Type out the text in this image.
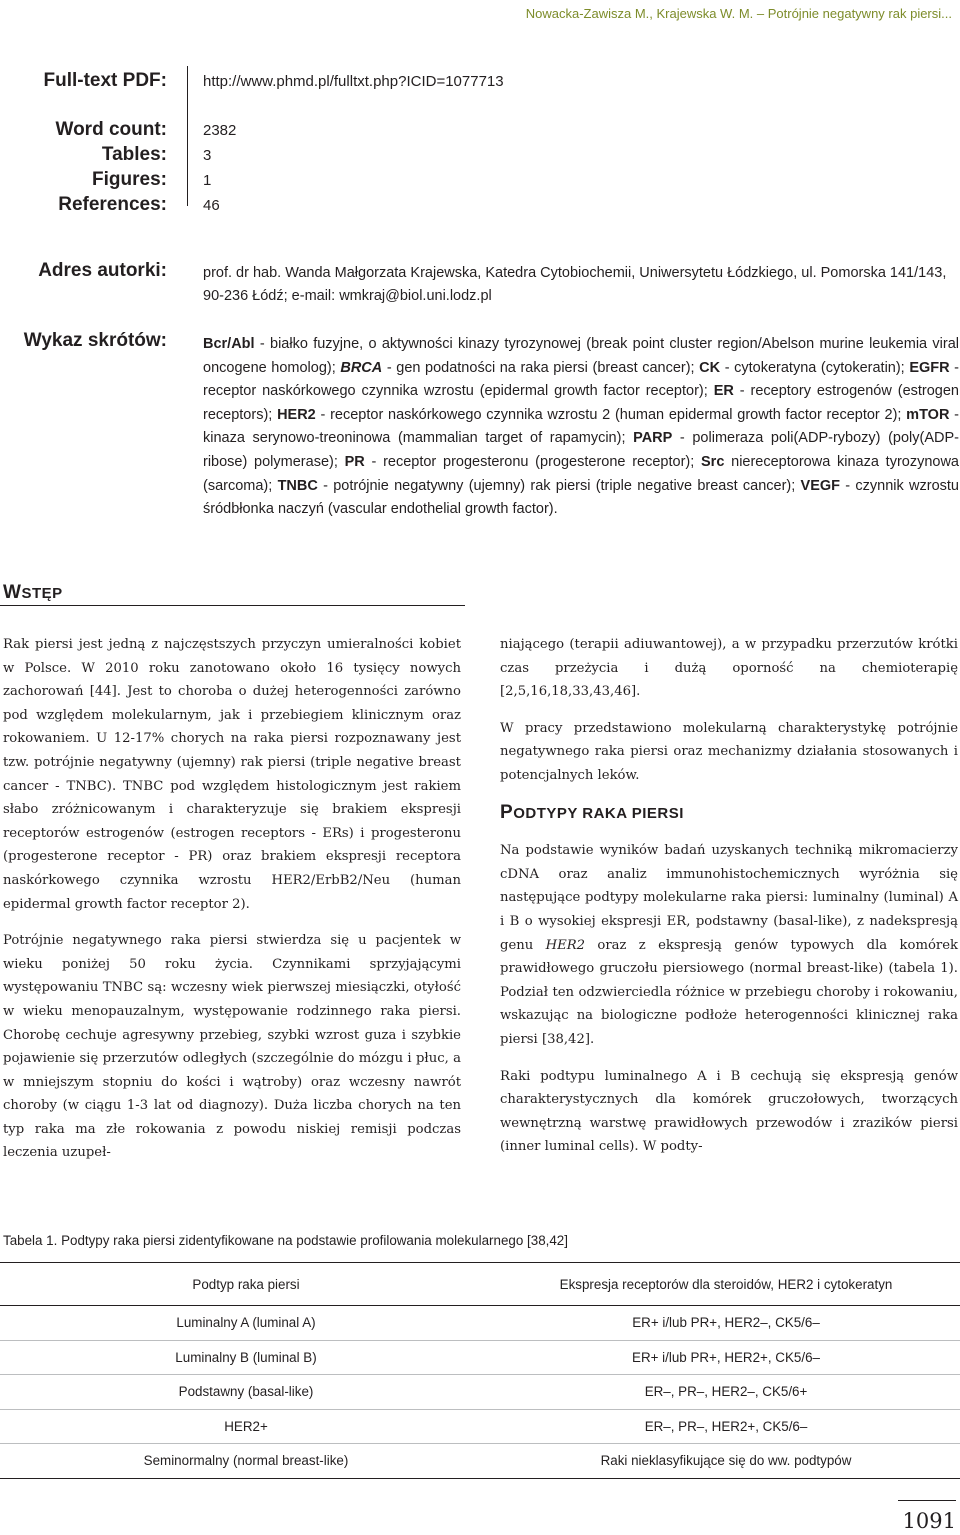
Nowacka-Zawisza M., Krajewska W. M. – Potrójnie negatywny rak piersi...
Full-text PDF: http://www.phmd.pl/fulltxt.php?ICID=1077713
Word count: 2382
Tables: 3
Figures: 1
References: 46
Adres autorki: prof. dr hab. Wanda Małgorzata Krajewska, Katedra Cytobiochemii, Uniwersytetu Łódzkiego, ul. Pomorska 141/143, 90-236 Łódź; e-mail: wmkraj@biol.uni.lodz.pl
Wykaz skrótów: Bcr/Abl - białko fuzyjne, o aktywności kinazy tyrozynowej (break point cluster region/Abelson murine leukemia viral oncogene homolog); BRCA - gen podatności na raka piersi (breast cancer); CK - cytokeratyna (cytokeratin); EGFR - receptor naskórkowego czynnika wzrostu (epidermal growth factor receptor); ER - receptory estrogenów (estrogen receptors); HER2 - receptor naskórkowego czynnika wzrostu 2 (human epidermal growth factor receptor 2); mTOR - kinaza serynowo-treoninowa (mammalian target of rapamycin); PARP - polimeraza poli(ADP-rybozy) (poly(ADP-ribose) polymerase); PR - receptor progesteronu (progesterone receptor); Src niereceptorowa kinaza tyrozynowa (sarcoma); TNBC - potrójnie negatywny (ujemny) rak piersi (triple negative breast cancer); VEGF - czynnik wzrostu śródbłonka naczyń (vascular endothelial growth factor).
WSTĘP

Rak piersi jest jedną z najczęstszych przyczyn umieralności kobiet w Polsce. W 2010 roku zanotowano około 16 tysięcy nowych zachorowań [44]. Jest to choroba o dużej heterogenności zarówno pod względem molekularnym, jak i przebiegiem klinicznym oraz rokowaniem. U 12-17% chorych na raka piersi rozpoznawany jest tzw. potrójnie negatywny (ujemny) rak piersi (triple negative breast cancer - TNBC). TNBC pod względem histologicznym jest rakiem słabo zróżnicowanym i charakteryzuje się brakiem ekspresji receptorów estrogenów (estrogen receptors - ERs) i progesteronu (progesterone receptor - PR) oraz brakiem ekspresji receptora naskórkowego czynnika wzrostu HER2/ErbB2/Neu (human epidermal growth factor receptor 2).

Potrójnie negatywnego raka piersi stwierdza się u pacjentek w wieku poniżej 50 roku życia. Czynnikami sprzyjającymi występowaniu TNBC są: wczesny wiek pierwszej miesiączki, otyłość w wieku menopauzalnym, występowanie rodzinnego raka piersi. Chorobę cechuje agresywny przebieg, szybki wzrost guza i szybkie pojawienie się przerzutów odległych (szczególnie do mózgu i płuc, a w mniejszym stopniu do kości i wątroby) oraz wczesny nawrót choroby (w ciągu 1-3 lat od diagnozy). Duża liczba chorych na ten typ raka ma złe rokowania z powodu niskiej remisji podczas leczenia uzupeł-

niającego (terapii adiuwantowej), a w przypadku przerzutów krótki czas przeżycia i dużą oporność na chemioterapię [2,5,16,18,33,43,46].

W pracy przedstawiono molekularną charakterystykę potrójnie negatywnego raka piersi oraz mechanizmy działania stosowanych i potencjalnych leków.

PODTYPY RAKA PIERSI

Na podstawie wyników badań uzyskanych techniką mikromacierzy cDNA oraz analiz immunohistochemicznych wyróżnia się następujące podtypy molekularne raka piersi: luminalny (luminal) A i B o wysokiej ekspresji ER, podstawny (basal-like), z nadekspresją genu HER2 oraz z ekspresją genów typowych dla komórek prawidłowego gruczołu piersiowego (normal breast-like) (tabela 1). Podział ten odzwierciedla różnice w przebiegu choroby i rokowaniu, wskazując na biologiczne podłoże heterogenności klinicznej raka piersi [38,42].

Raki podtypu luminalnego A i B cechują się ekspresją genów charakterystycznych dla komórek gruczołowych, tworzących wewnętrzną warstwę prawidłowych przewodów i zrazików piersi (inner luminal cells). W podty-

Tabela 1. Podtypy raka piersi zidentyfikowane na podstawie profilowania molekularnego [38,42]
Podtyp raka piersi	Ekspresja receptorów dla steroidów, HER2 i cytokeratyn
Luminalny A (luminal A)	ER+ i/lub PR+, HER2–, CK5/6–
Luminalny B (luminal B)	ER+ i/lub PR+, HER2+, CK5/6–
Podstawny (basal-like)	ER–, PR–, HER2–, CK5/6+
HER2+	ER–, PR–, HER2+, CK5/6–
Seminormalny (normal breast-like)	Raki nieklasyfikujące się do ww. podtypów
1091
